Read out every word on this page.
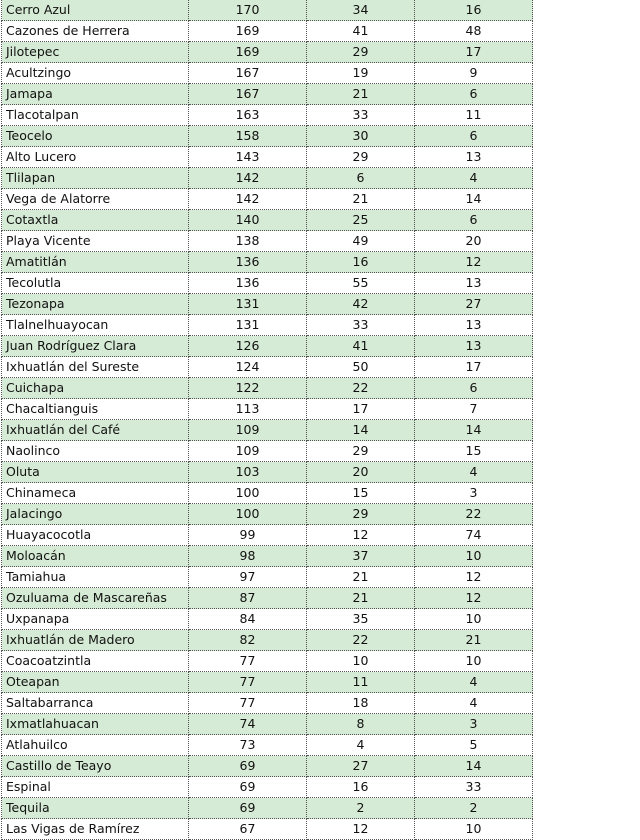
Cerro Azul	170	34	16
Cazones de Herrera	169	41	48
Jilotepec	169	29	17
Acultzingo	167	19	9
Jamapa	167	21	6
Tlacotalpan	163	33	11
Teocelo	158	30	6
Alto Lucero	143	29	13
Tlilapan	142	6	4
Vega de Alatorre	142	21	14
Cotaxtla	140	25	6
Playa Vicente	138	49	20
Amatitlán	136	16	12
Tecolutla	136	55	13
Tezonapa	131	42	27
Tlalnelhuayocan	131	33	13
Juan Rodríguez Clara	126	41	13
Ixhuatlán del Sureste	124	50	17
Cuichapa	122	22	6
Chacaltianguis	113	17	7
Ixhuatlán del Café	109	14	14
Naolinco	109	29	15
Oluta	103	20	4
Chinameca	100	15	3
Jalacingo	100	29	22
Huayacocotla	99	12	74
Moloacán	98	37	10
Tamiahua	97	21	12
Ozuluama de Mascareñas	87	21	12
Uxpanapa	84	35	10
Ixhuatlán de Madero	82	22	21
Coacoatzintla	77	10	10
Oteapan	77	11	4
Saltabarranca	77	18	4
Ixmatlahuacan	74	8	3
Atlahuilco	73	4	5
Castillo de Teayo	69	27	14
Espinal	69	16	33
Tequila	69	2	2
Las Vigas de Ramírez	67	12	10
